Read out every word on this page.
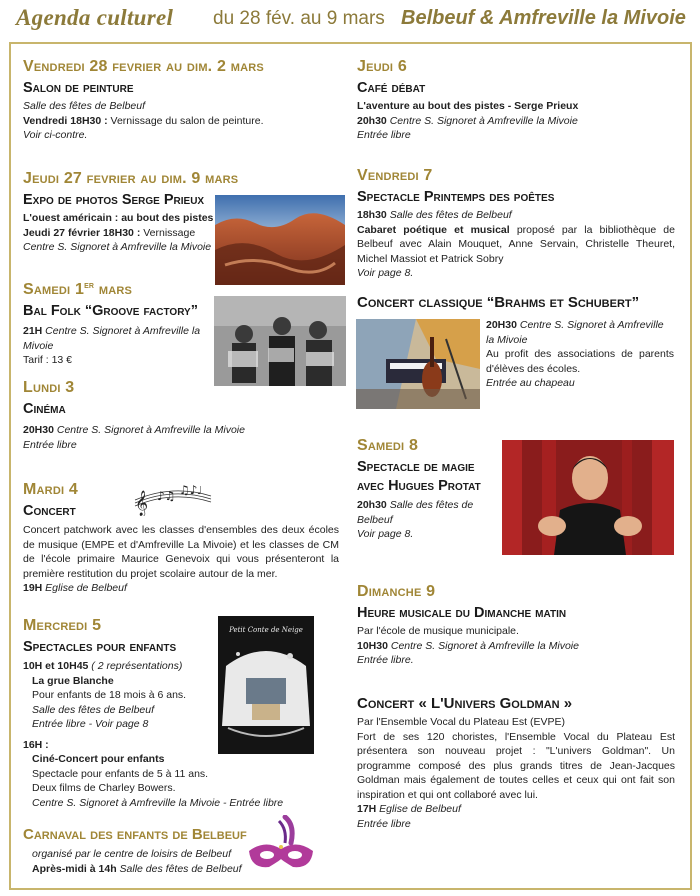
Agenda culturel du 28 fév. au 9 mars Belbeuf & Amfreville la Mivoie
Vendredi 28 fevrier au dim. 2 mars
Salon de peinture
Salle des fêtes de Belbeuf
Vendredi 18H30 : Vernissage du salon de peinture.
Voir ci-contre.
Jeudi 27 fevrier au dim. 9 mars
Expo de photos Serge Prieux
L'ouest américain : au bout des pistes
Jeudi 27 février 18H30 : Vernissage
Centre S. Signoret à Amfreville la Mivoie
Samedi 1er mars
Bal Folk “Groove factory”
21H Centre S. Signoret à Amfreville la Mivoie
Tarif : 13 €
Lundi 3
Cinéma
20H30 Centre S. Signoret à Amfreville la Mivoie
Entrée libre
Mardi 4
Concert
Concert patchwork avec les classes d'ensembles des deux écoles de musique (EMPE et d'Amfreville La Mivoie) et les classes de CM de l'école primaire Maurice Genevoix qui vous présenteront la première restitution du projet scolaire autour de la mer.
19H Eglise de Belbeuf
𝄞 ♪♫ ♫♪ ♩
Mercredi 5
Spectacles pour enfants
10H et 10H45 ( 2 représentations)
La grue Blanche
Pour enfants de 18 mois à 6 ans.
Salle des fêtes de Belbeuf
Entrée libre - Voir page 8
16H :
Ciné-Concert pour enfants
Spectacle pour enfants de 5 à 11 ans.
Deux films de Charley Bowers.
Centre S. Signoret à Amfreville la Mivoie - Entrée libre
Petit Conte de Neige
Carnaval des enfants de Belbeuf
organisé par le centre de loisirs de Belbeuf
Après-midi à 14h Salle des fêtes de Belbeuf
Jeudi 6
Café débat
L'aventure au bout des pistes - Serge Prieux
20h30 Centre S. Signoret à Amfreville la Mivoie
Entrée libre
Vendredi 7
Spectacle Printemps des poêtes
18h30 Salle des fêtes de Belbeuf
Cabaret poétique et musical proposé par la bibliothèque de Belbeuf avec Alain Mouquet, Anne Servain, Christelle Theuret, Michel Massiot et Patrick Sobry
Voir page 8.
Concert classique “Brahms et Schubert”
20H30 Centre S. Signoret à Amfreville la Mivoie
Au profit des associations de parents d'élèves des écoles.
Entrée au chapeau
Samedi 8
Spectacle de magie
avec Hugues Protat
20h30 Salle des fêtes de Belbeuf
Voir page 8.
Dimanche 9
Heure musicale du Dimanche matin
Par l'école de musique municipale.
10H30 Centre S. Signoret à Amfreville la Mivoie
Entrée libre.
Concert « L'Univers Goldman »
Par l'Ensemble Vocal du Plateau Est (EVPE)
Fort de ses 120 choristes, l'Ensemble Vocal du Plateau Est présentera son nouveau projet : "L'univers Goldman". Un programme composé des plus grands titres de Jean-Jacques Goldman mais également de toutes celles et ceux qui ont fait son inspiration et qui ont collaboré avec lui.
17H Eglise de Belbeuf
Entrée libre
